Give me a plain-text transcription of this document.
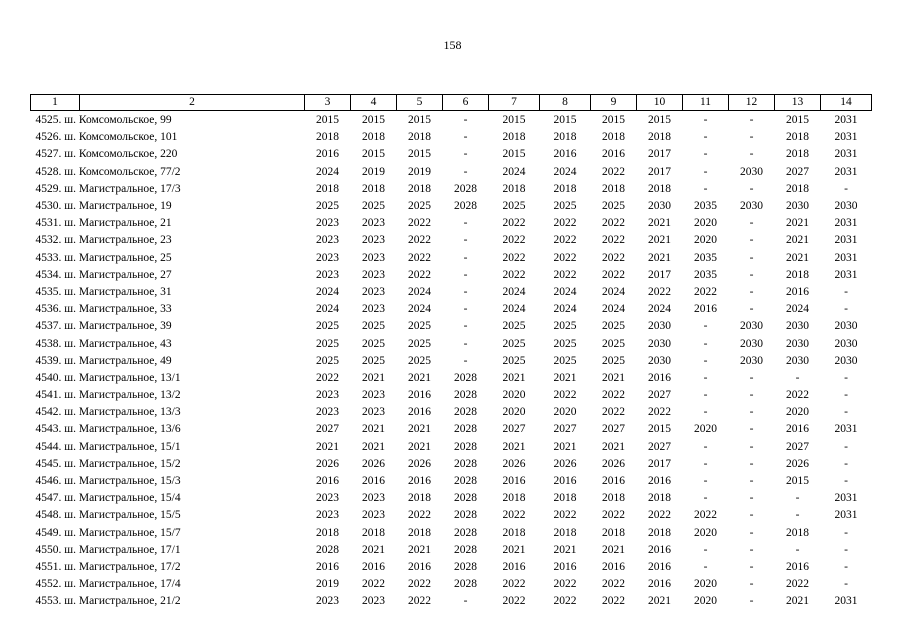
158
1	2	3	4	5	6	7	8	9	10	11	12	13	14
4525. ш. Комсомольское, 99		2015	2015	2015	-	2015	2015	2015	2015	-	-	2015	2031
4526. ш. Комсомольское, 101		2018	2018	2018	-	2018	2018	2018	2018	-	-	2018	2031
4527. ш. Комсомольское, 220		2016	2015	2015	-	2015	2016	2016	2017	-	-	2018	2031
4528. ш. Комсомольское, 77/2		2024	2019	2019	-	2024	2024	2022	2017	-	2030	2027	2031
4529. ш. Магистральное, 17/3		2018	2018	2018	2028	2018	2018	2018	2018	-	-	2018	-
4530. ш. Магистральное, 19		2025	2025	2025	2028	2025	2025	2025	2030	2035	2030	2030	2030
4531. ш. Магистральное, 21		2023	2023	2022	-	2022	2022	2022	2021	2020	-	2021	2031
4532. ш. Магистральное, 23		2023	2023	2022	-	2022	2022	2022	2021	2020	-	2021	2031
4533. ш. Магистральное, 25		2023	2023	2022	-	2022	2022	2022	2021	2035	-	2021	2031
4534. ш. Магистральное, 27		2023	2023	2022	-	2022	2022	2022	2017	2035	-	2018	2031
4535. ш. Магистральное, 31		2024	2023	2024	-	2024	2024	2024	2022	2022	-	2016	-
4536. ш. Магистральное, 33		2024	2023	2024	-	2024	2024	2024	2024	2016	-	2024	-
4537. ш. Магистральное, 39		2025	2025	2025	-	2025	2025	2025	2030	-	2030	2030	2030
4538. ш. Магистральное, 43		2025	2025	2025	-	2025	2025	2025	2030	-	2030	2030	2030
4539. ш. Магистральное, 49		2025	2025	2025	-	2025	2025	2025	2030	-	2030	2030	2030
4540. ш. Магистральное, 13/1		2022	2021	2021	2028	2021	2021	2021	2016	-	-	-	-
4541. ш. Магистральное, 13/2		2023	2023	2016	2028	2020	2022	2022	2027	-	-	2022	-
4542. ш. Магистральное, 13/3		2023	2023	2016	2028	2020	2020	2022	2022	-	-	2020	-
4543. ш. Магистральное, 13/6		2027	2021	2021	2028	2027	2027	2027	2015	2020	-	2016	2031
4544. ш. Магистральное, 15/1		2021	2021	2021	2028	2021	2021	2021	2027	-	-	2027	-
4545. ш. Магистральное, 15/2		2026	2026	2026	2028	2026	2026	2026	2017	-	-	2026	-
4546. ш. Магистральное, 15/3		2016	2016	2016	2028	2016	2016	2016	2016	-	-	2015	-
4547. ш. Магистральное, 15/4		2023	2023	2018	2028	2018	2018	2018	2018	-	-	-	2031
4548. ш. Магистральное, 15/5		2023	2023	2022	2028	2022	2022	2022	2022	2022	-	-	2031
4549. ш. Магистральное, 15/7		2018	2018	2018	2028	2018	2018	2018	2018	2020	-	2018	-
4550. ш. Магистральное, 17/1		2028	2021	2021	2028	2021	2021	2021	2016	-	-	-	-
4551. ш. Магистральное, 17/2		2016	2016	2016	2028	2016	2016	2016	2016	-	-	2016	-
4552. ш. Магистральное, 17/4		2019	2022	2022	2028	2022	2022	2022	2016	2020	-	2022	-
4553. ш. Магистральное, 21/2		2023	2023	2022	-	2022	2022	2022	2021	2020	-	2021	2031
